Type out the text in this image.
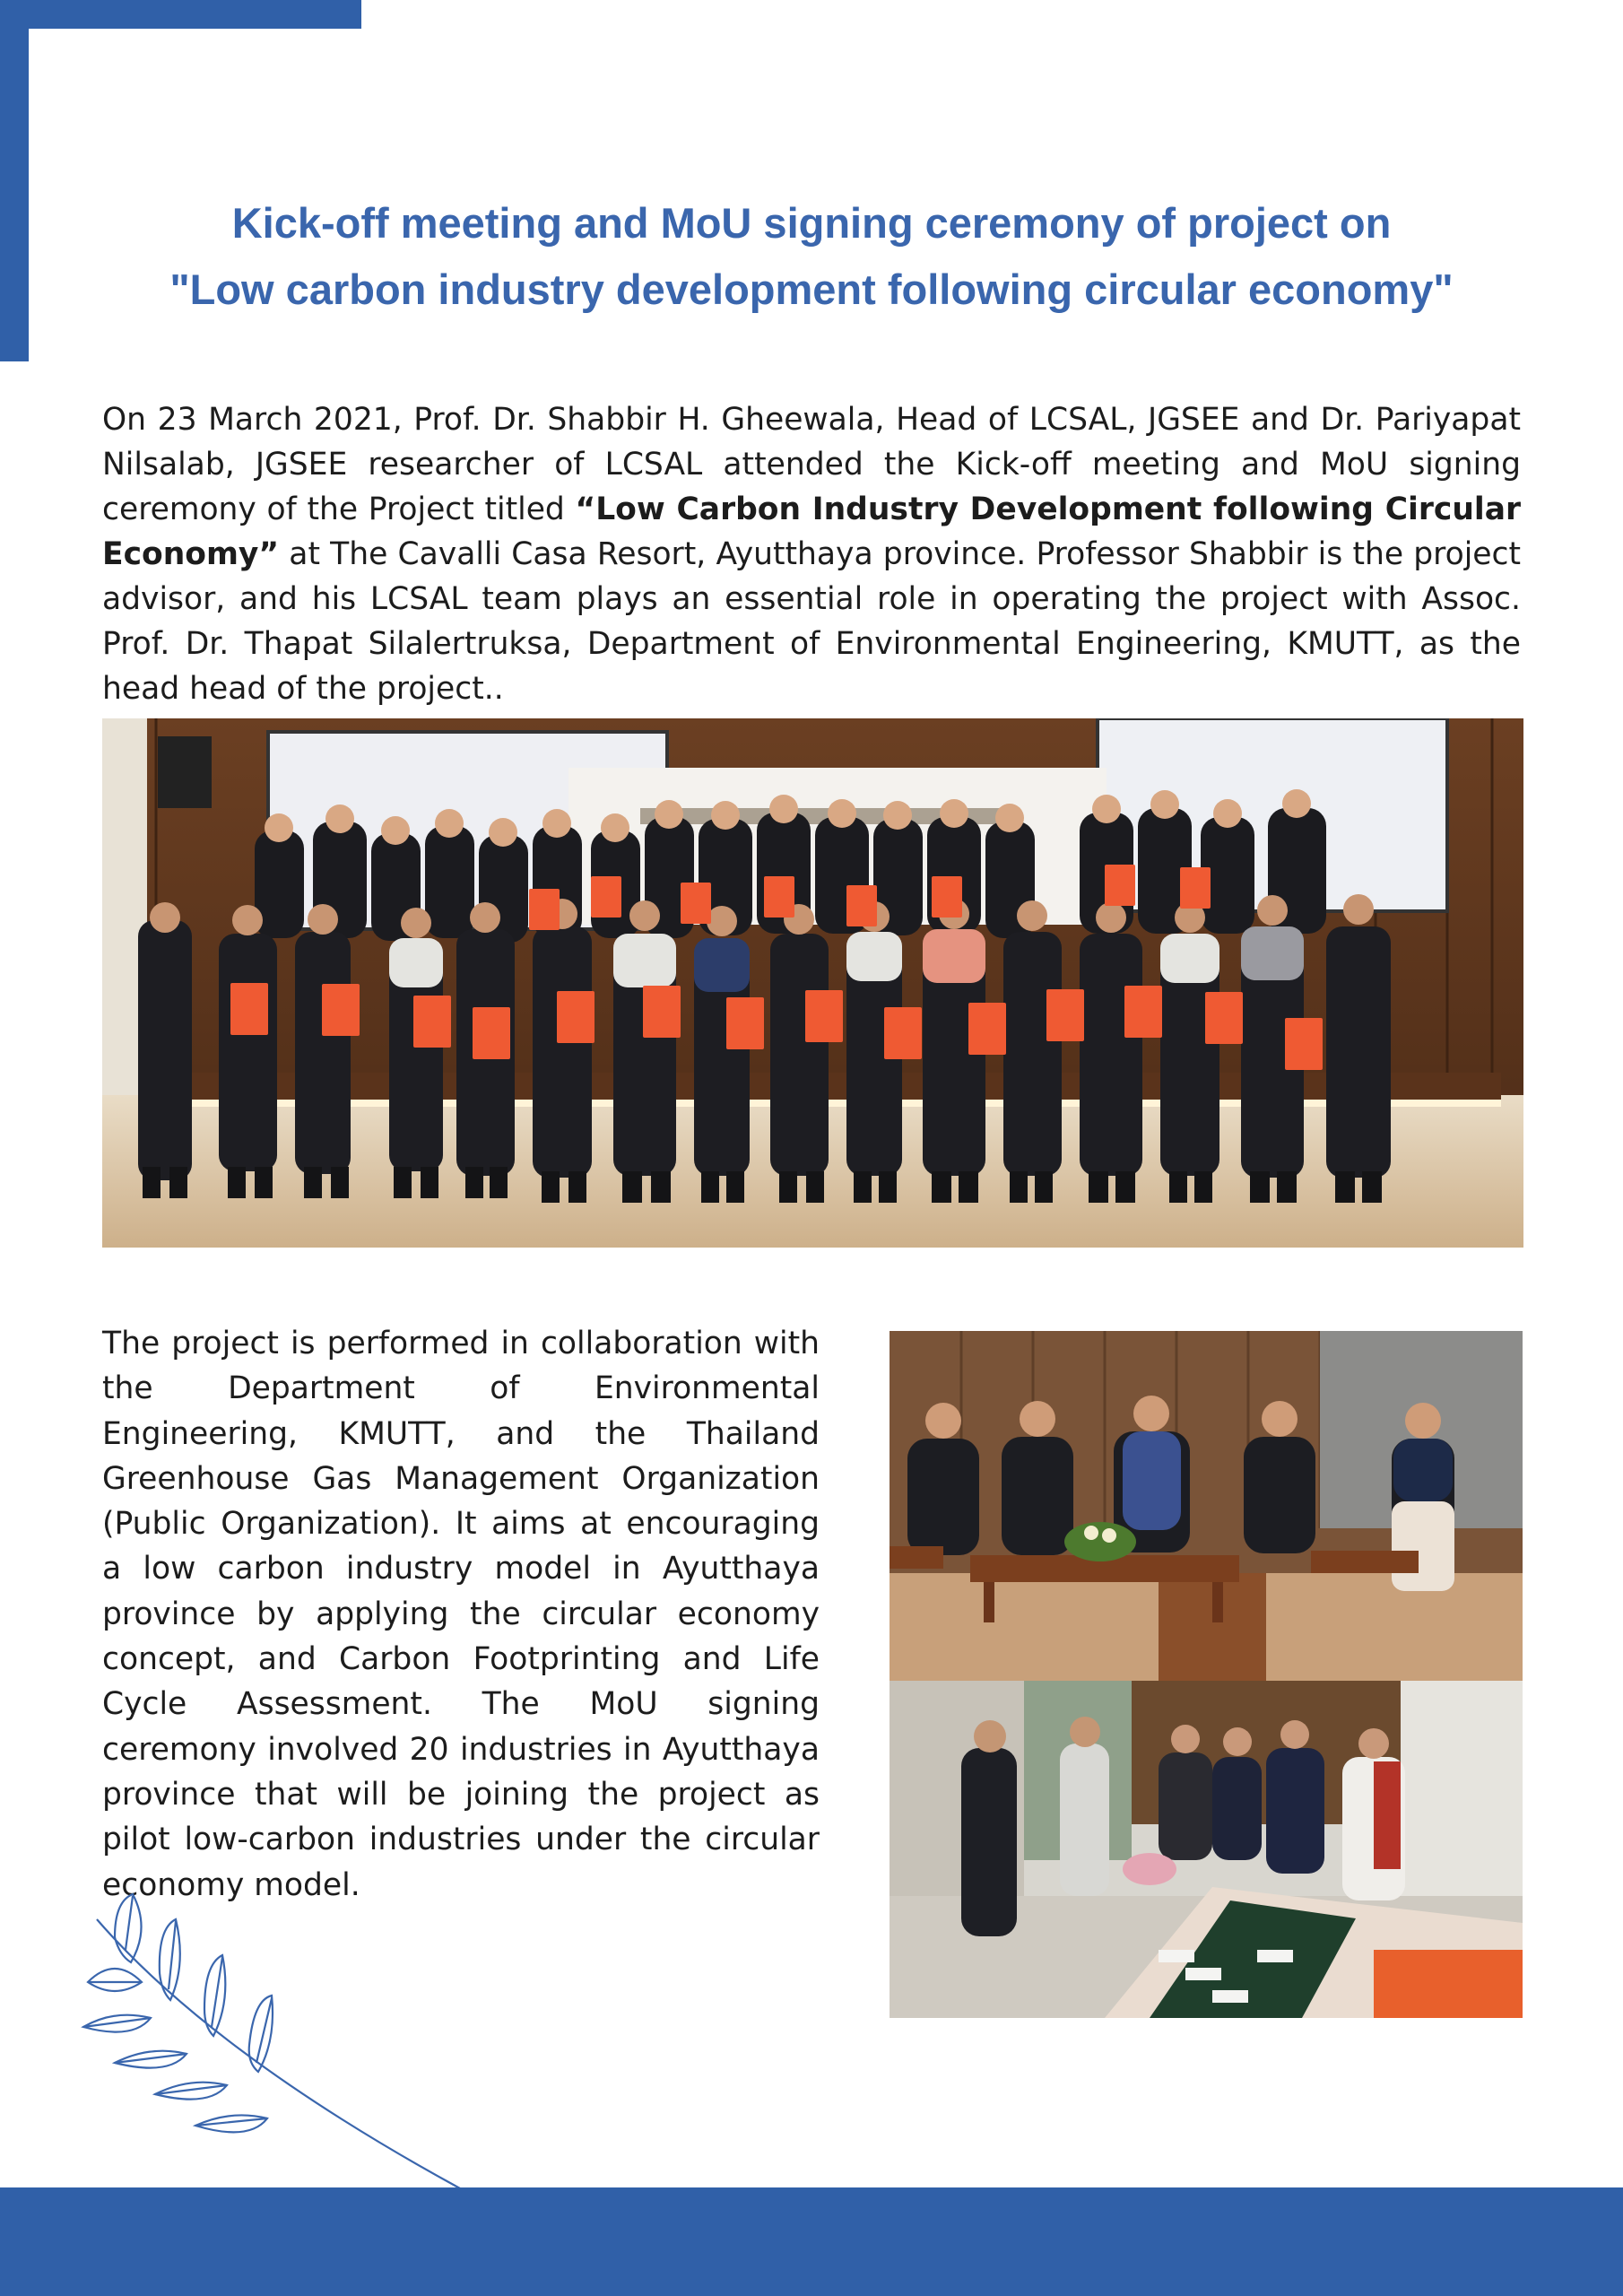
Kick-off meeting and MoU signing ceremony of project on
"Low carbon industry development following circular economy"
On 23 March 2021, Prof. Dr. Shabbir H. Gheewala, Head of LCSAL, JGSEE and Dr. Pariyapat Nilsalab, JGSEE researcher of LCSAL attended the Kick-off meeting and MoU signing ceremony of the Project titled “Low Carbon Industry Development following Circular Economy” at The Cavalli Casa Resort, Ayutthaya province. Professor Shabbir is the project advisor, and his LCSAL team plays an essential role in operating the project with Assoc. Prof. Dr. Thapat Silalertruksa, Department of Environmental Engineering, KMUTT, as the head head of the project..
The project is performed in collaboration with the Department of Environmental Engineering, KMUTT, and the Thailand Greenhouse Gas Management Organization (Public Organization). It aims at encouraging a low carbon industry model in Ayutthaya province by applying the circular economy concept, and Carbon Footprinting and Life Cycle Assessment. The MoU signing ceremony involved 20 industries in Ayutthaya province that will be joining the project as pilot low-carbon industries under the circular economy model.
